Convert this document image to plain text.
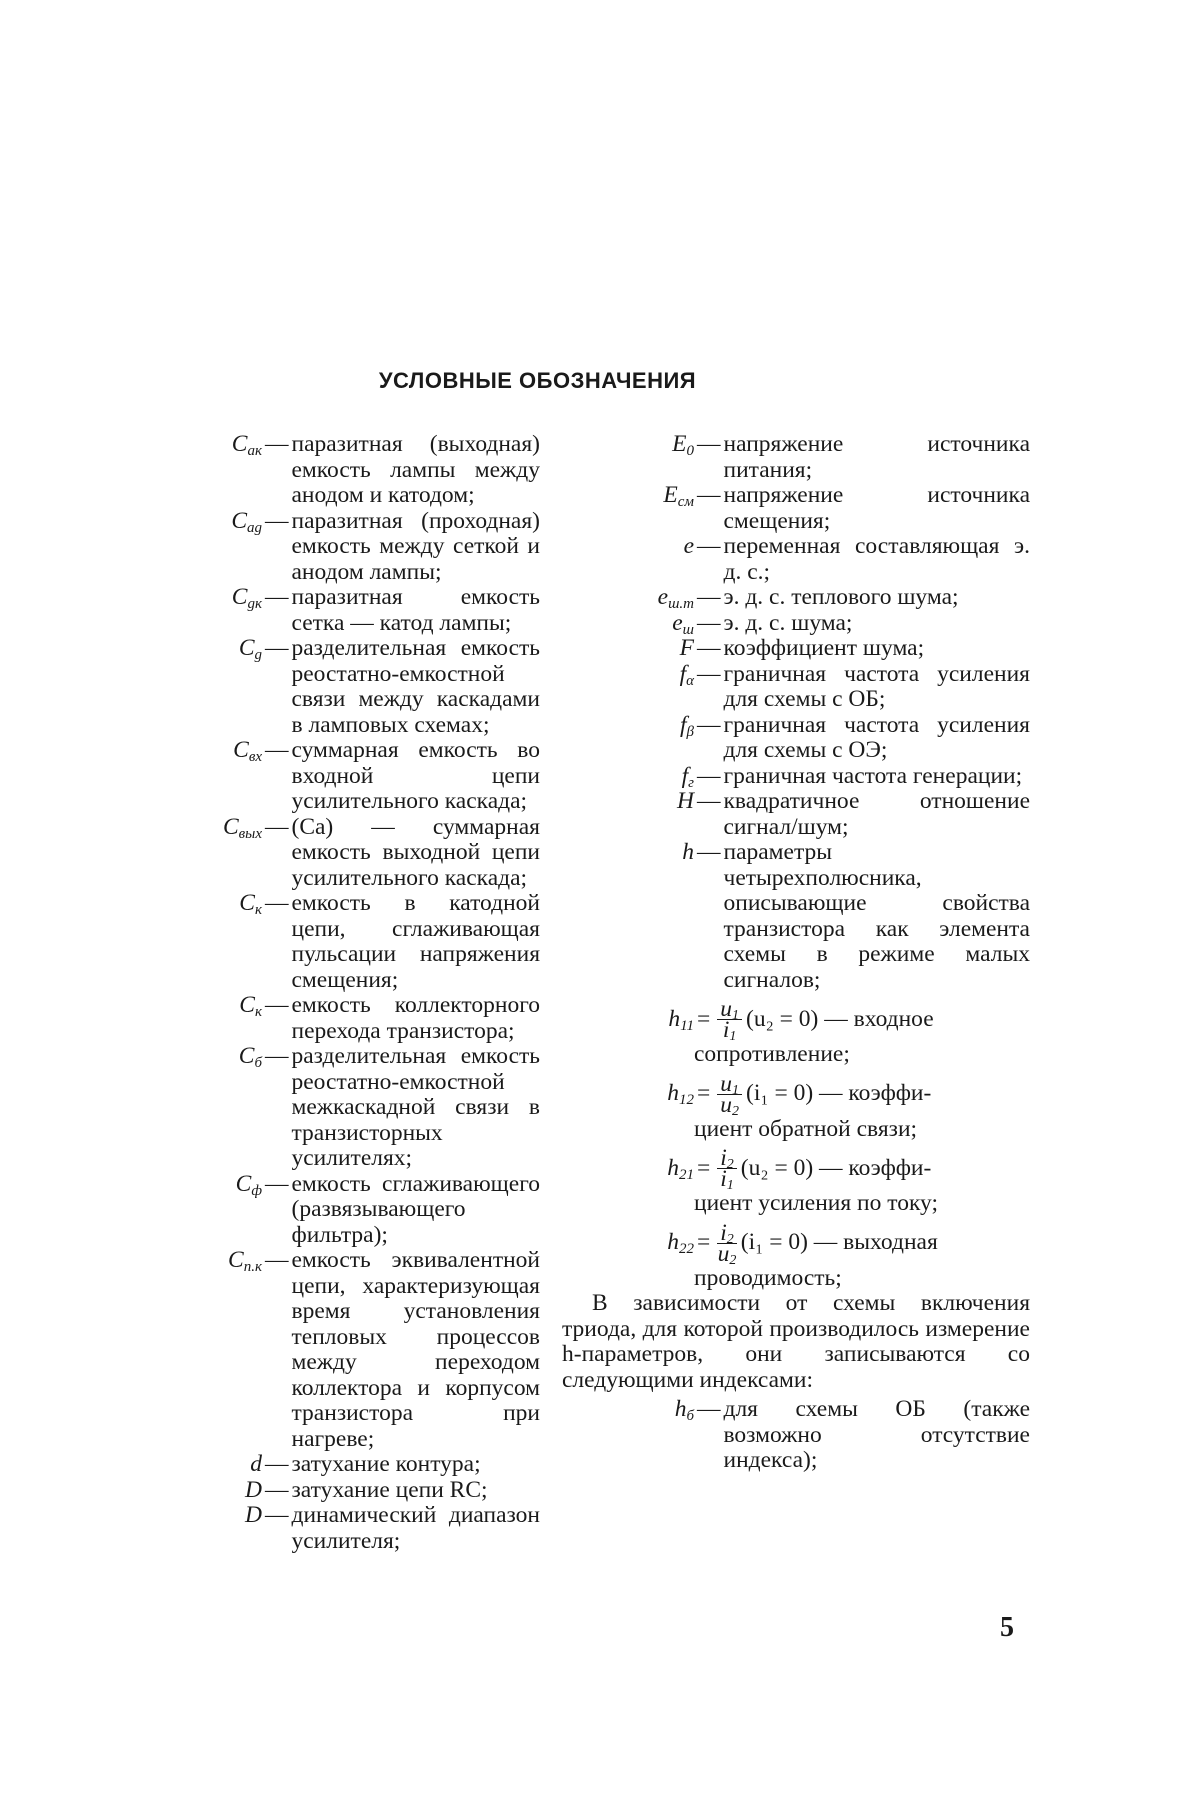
УСЛОВНЫЕ ОБОЗНАЧЕНИЯ
$C_{ак}$ — паразитная (выходная) емкость лампы между анодом и катодом;
$C_{ag}$ — паразитная (проходная) емкость между сеткой и анодом лампы;
$C_{gк}$ — паразитная емкость сетка — катод лампы;
$C_g$ — разделительная емкость реостатно-емкостной связи между каскадами в ламповых схемах;
$C_{вх}$ — суммарная емкость во входной цепи усилительного каскада;
$C_{вых}$ — (Ca) — суммарная емкость выходной цепи усилительного каскада;
$C_к$ — емкость в катодной цепи, сглаживающая пульсации напряжения смещения;
$C_к$ — емкость коллекторного перехода транзистора;
$C_б$ — разделительная емкость реостатно-емкостной межкаскадной связи в транзисторных усилителях;
$C_ф$ — емкость сглаживающего (развязывающего фильтра);
$C_{п.к}$ — емкость эквивалентной цепи, характеризующая время установления тепловых процессов между переходом коллектора и корпусом транзистора при нагреве;
d — затухание контура;
D — затухание цепи RC;
D — динамический диапазон усилителя;
$E_0$ — напряжение источника питания;
$E_{см}$ — напряжение источника смещения;
e — переменная составляющая э. д. с.;
$e_{ш.т}$ — э. д. с. теплового шума;
$e_ш$ — э. д. с. шума;
F — коэффициент шума;
$f_\alpha$ — граничная частота усиления для схемы с ОБ;
$f_\beta$ — граничная частота усиления для схемы с ОЭ;
$f_г$ — граничная частота генерации;
H — квадратичное отношение сигнал/шум;
h — параметры четырехполюсника, описывающие свойства транзистора как элемента схемы в режиме малых сигналов;
$h_{11} = \frac{u_1}{i_1} (u_2 = 0)$ — входное
сопротивление;
$h_{12} = \frac{u_1}{u_2} (i_1 = 0)$ — коэффи-
циент обратной связи;
$h_{21} = \frac{i_2}{i_1} (u_2 = 0)$ — коэффи-
циент усиления по току;
$h_{22} = \frac{i_2}{u_2} (i_1 = 0)$ — выходная
проводимость;
В зависимости от схемы включения триода, для которой производилось измерение h-параметров, они записываются со следующими индексами:
$h_б$ — для схемы ОБ (также возможно отсутствие индекса);
5
